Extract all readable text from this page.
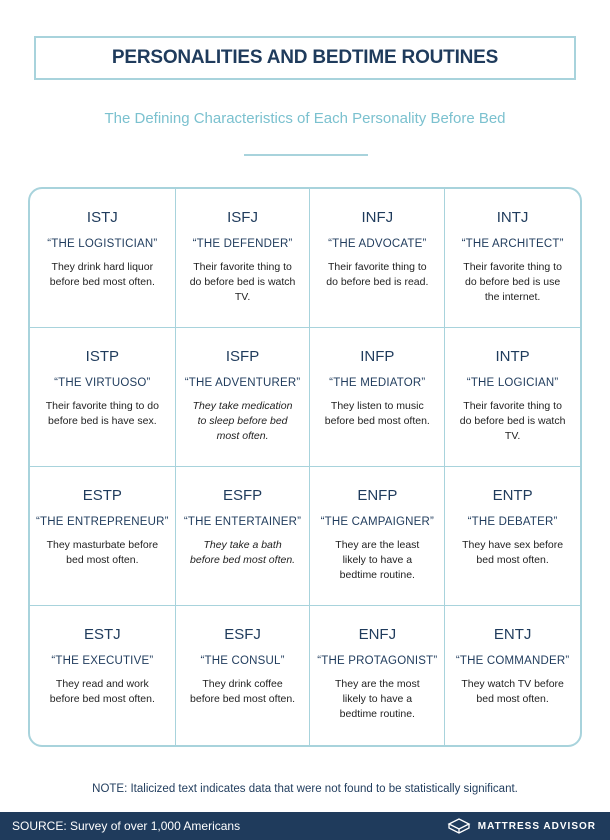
PERSONALITIES AND BEDTIME ROUTINES
The Defining Characteristics of Each Personality Before Bed
ISTJ
“THE LOGISTICIAN”
They drink hard liquor before bed most often.
ISFJ
“THE DEFENDER”
Their favorite thing to do before bed is watch TV.
INFJ
“THE ADVOCATE”
Their favorite thing to do before bed is read.
INTJ
“THE ARCHITECT”
Their favorite thing to do before bed is use the internet.
ISTP
“THE VIRTUOSO”
Their favorite thing to do before bed is have sex.
ISFP
“THE ADVENTURER”
They take medication to sleep before bed most often.
INFP
“THE MEDIATOR”
They listen to music before bed most often.
INTP
“THE LOGICIAN”
Their favorite thing to do before bed is watch TV.
ESTP
“THE ENTREPRENEUR”
They masturbate before bed most often.
ESFP
“THE ENTERTAINER”
They take a bath before bed most often.
ENFP
“THE CAMPAIGNER”
They are the least likely to have a bedtime routine.
ENTP
“THE DEBATER”
They have sex before bed most often.
ESTJ
“THE EXECUTIVE”
They read and work before bed most often.
ESFJ
“THE CONSUL”
They drink coffee before bed most often.
ENFJ
“THE PROTAGONIST”
They are the most likely to have a bedtime routine.
ENTJ
“THE COMMANDER”
They watch TV before bed most often.
NOTE: Italicized text indicates data that were not found to be statistically significant.
SOURCE: Survey of over 1,000 Americans	MATTRESS ADVISOR
